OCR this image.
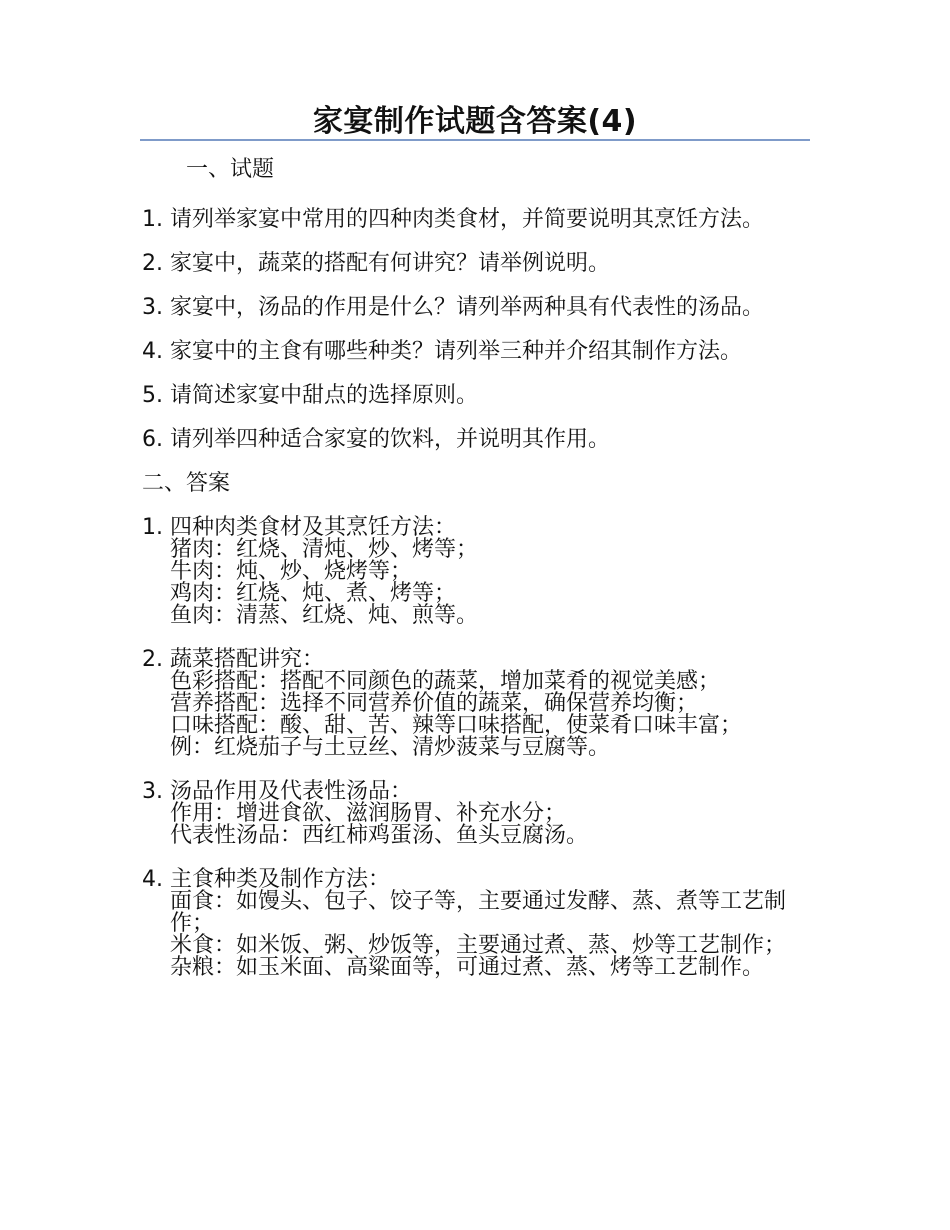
家宴制作试题含答案(4)
一、试题
1. 请列举家宴中常用的四种肉类食材，并简要说明其烹饪方法。
2. 家宴中，蔬菜的搭配有何讲究？请举例说明。
3. 家宴中，汤品的作用是什么？请列举两种具有代表性的汤品。
4. 家宴中的主食有哪些种类？请列举三种并介绍其制作方法。
5. 请简述家宴中甜点的选择原则。
6. 请列举四种适合家宴的饮料，并说明其作用。
二、答案
1. 四种肉类食材及其烹饪方法：
猪肉：红烧、清炖、炒、烤等；
牛肉：炖、炒、烧烤等；
鸡肉：红烧、炖、煮、烤等；
鱼肉：清蒸、红烧、炖、煎等。
2. 蔬菜搭配讲究：
色彩搭配：搭配不同颜色的蔬菜，增加菜肴的视觉美感；
营养搭配：选择不同营养价值的蔬菜，确保营养均衡；
口味搭配：酸、甜、苦、辣等口味搭配，使菜肴口味丰富；
例：红烧茄子与土豆丝、清炒菠菜与豆腐等。
3. 汤品作用及代表性汤品：
作用：增进食欲、滋润肠胃、补充水分；
代表性汤品：西红柿鸡蛋汤、鱼头豆腐汤。
4. 主食种类及制作方法：
面食：如馒头、包子、饺子等，主要通过发酵、蒸、煮等工艺制作；
米食：如米饭、粥、炒饭等，主要通过煮、蒸、炒等工艺制作；
杂粮：如玉米面、高粱面等，可通过煮、蒸、烤等工艺制作。
